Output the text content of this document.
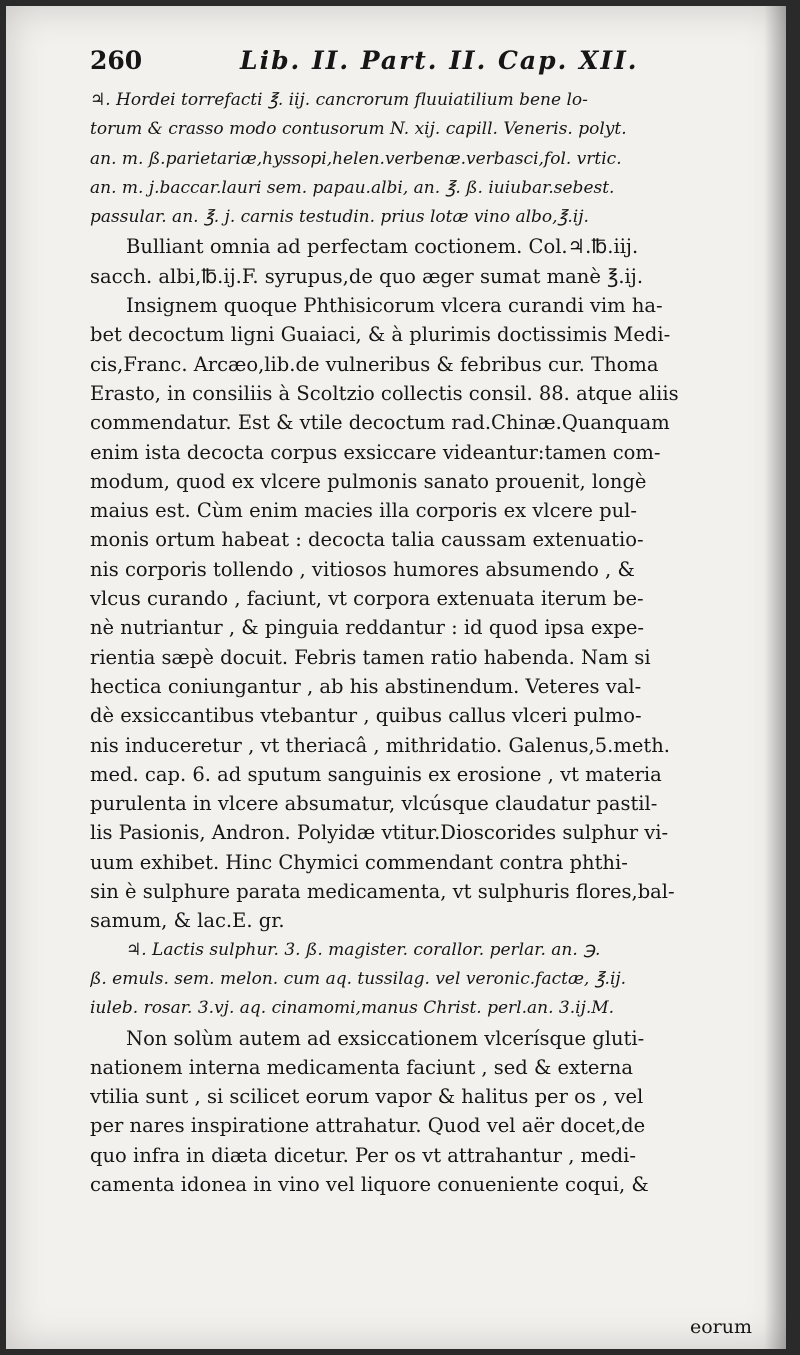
260	Lib. II. Part. II. Cap. XII.
♃. Hordei torrefacti ℥. iij. cancrorum fluuiatilium bene lo-
torum & crasso modo contusorum N. xij. capill. Veneris. polyt.
an. m. ß.parietariæ,hyssopi,helen.verbenæ.verbasci,fol. vrtic.
an. m. j.baccar.lauri sem. papau.albi, an. ℥. ß. iuiubar.sebest.
passular. an. ℥. j. carnis testudin. prius lotæ vino albo,℥.ij.
Bulliant omnia ad perfectam coctionem. Col.♃.℔.iij.
sacch. albi,℔.ij.F. syrupus,de quo æger sumat manè ℥.ij.
Insignem quoque Phthisicorum vlcera curandi vim ha-
bet decoctum ligni Guaiaci, & à plurimis doctissimis Medi-
cis,Franc. Arcæo,lib.de vulneribus & febribus cur. Thoma
Erasto, in consiliis à Scoltzio collectis consil. 88. atque aliis
commendatur. Est & vtile decoctum rad.Chinæ.Quanquam
enim ista decocta corpus exsiccare videantur:tamen com-
modum, quod ex vlcere pulmonis sanato prouenit, longè
maius est. Cùm enim macies illa corporis ex vlcere pul-
monis ortum habeat : decocta talia caussam extenuatio-
nis corporis tollendo , vitiosos humores absumendo , &
vlcus curando , faciunt, vt corpora extenuata iterum be-
nè nutriantur , & pinguia reddantur : id quod ipsa expe-
rientia sæpè docuit. Febris tamen ratio habenda. Nam si
hectica coniungantur , ab his abstinendum. Veteres val-
dè exsiccantibus vtebantur , quibus callus vlceri pulmo-
nis induceretur , vt theriacâ , mithridatio. Galenus,5.meth.
med. cap. 6. ad sputum sanguinis ex erosione , vt materia
purulenta in vlcere absumatur, vlcúsque claudatur pastil-
lis Pasionis, Andron. Polyidæ vtitur.Dioscorides sulphur vi-
uum exhibet. Hinc Chymici commendant contra phthi-
sin è sulphure parata medicamenta, vt sulphuris flores,bal-
samum, & lac.E. gr.
♃. Lactis sulphur. 3. ß. magister. corallor. perlar. an. ℈.
ß. emuls. sem. melon. cum aq. tussilag. vel veronic.factæ, ℥.ij.
iuleb. rosar. 3.vj. aq. cinamomi,manus Christ. perl.an. 3.ij.M.
Non solùm autem ad exsiccationem vlcerísque gluti-
nationem interna medicamenta faciunt , sed & externa
vtilia sunt , si scilicet eorum vapor & halitus per os , vel
per nares inspiratione attrahatur. Quod vel aër docet,de
quo infra in diæta dicetur. Per os vt attrahantur , medi-
camenta idonea in vino vel liquore conueniente coqui, &
eorum
